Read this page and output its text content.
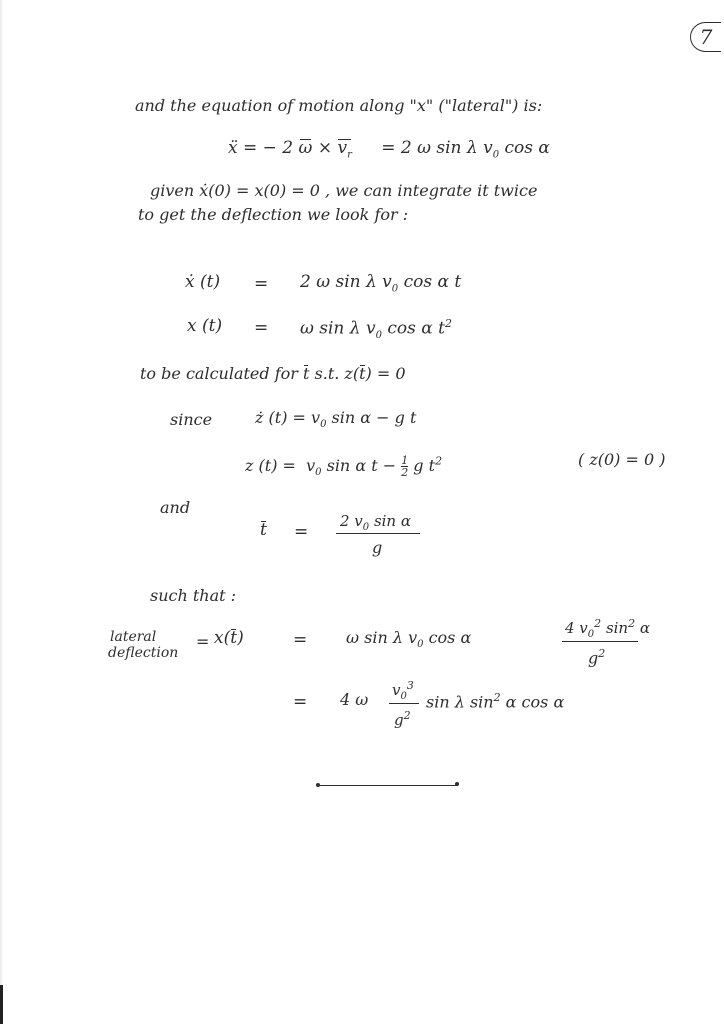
7
and the equation of motion along "x" ("lateral") is:
ẍ = − 2 $\omega \times v_r = 2$ ω sin λ $v_0$ cos α
given ẋ(0) = x(0) = 0 , we can integrate it twice
to get the deflection we look for :
ẋ (t) = 2 ω sin λ $v_0$ cos α t
x (t) = ω sin λ $v_0$ cos α $t^2$
to be calculated for t s.t. z(t) = 0
since	ż $(t) = v_0$ sin α − g t
z $(t) = v_0$ sin α $t - \frac{1}{2}$ g $t^2$	( z(0) = 0 )
and
t =
2 $v_0$ sin α
g
such that :
lateral
deflection
= x(t)	= ω sin λ $v_0$ cos α	4 $v_0^2$ $\sin^2 \alpha$
$g^2$
= 4 ω $v_0^3$
$g^2$
sin λ $\sin^2 \alpha$ cos α
